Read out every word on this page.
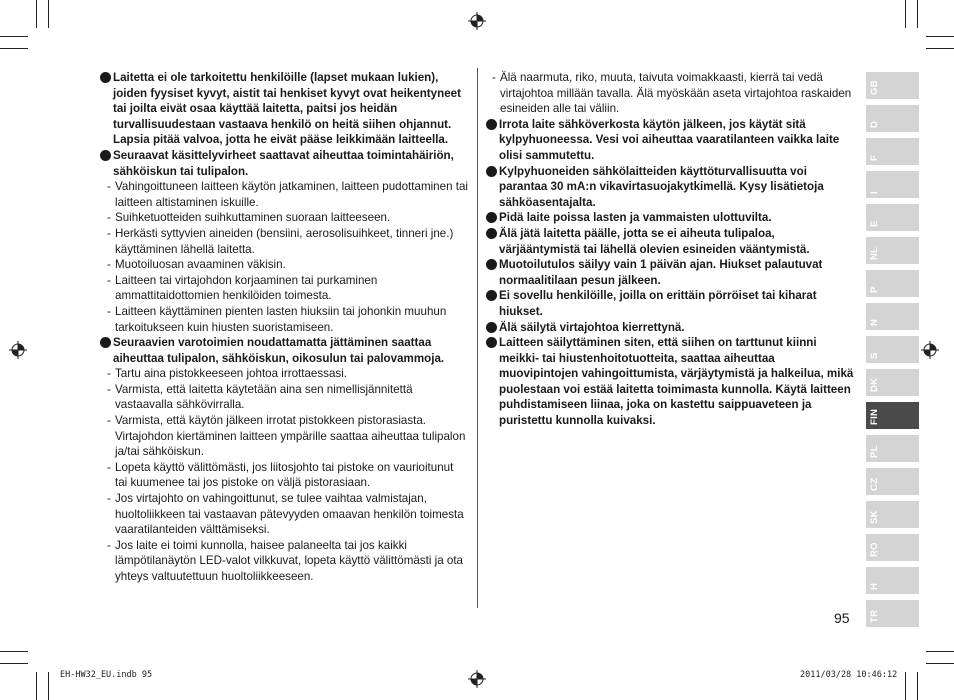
Laitetta ei ole tarkoitettu henkilöille (lapset mukaan lukien), joiden fyysiset kyvyt, aistit tai henkiset kyvyt ovat heikentyneet tai joilta eivät osaa käyttää laitetta, paitsi jos heidän turvallisuudestaan vastaava henkilö on heitä siihen ohjannut. Lapsia pitää valvoa, jotta he eivät pääse leikkimään laitteella.
Seuraavat käsittelyvirheet saattavat aiheuttaa toimintahäiriön, sähköiskun tai tulipalon.
- Vahingoittuneen laitteen käytön jatkaminen, laitteen pudottaminen tai laitteen altistaminen iskuille.
- Suihketuotteiden suihkuttaminen suoraan laitteeseen.
- Herkästi syttyvien aineiden (bensiini, aerosolisuihkeet, tinneri jne.) käyttäminen lähellä laitetta.
- Muotoiluosan avaaminen väkisin.
- Laitteen tai virtajohdon korjaaminen tai purkaminen ammattitaidottomien henkilöiden toimesta.
- Laitteen käyttäminen pienten lasten hiuksiin tai johonkin muuhun tarkoitukseen kuin hiusten suoristamiseen.
Seuraavien varotoimien noudattamatta jättäminen saattaa aiheuttaa tulipalon, sähköiskun, oikosulun tai palovammoja.
- Tartu aina pistokkeeseen johtoa irrottaessasi.
- Varmista, että laitetta käytetään aina sen nimellisjännitettä vastaavalla sähkövirralla.
- Varmista, että käytön jälkeen irrotat pistokkeen pistorasiasta. Virtajohdon kiertäminen laitteen ympärille saattaa aiheuttaa tulipalon ja/tai sähköiskun.
- Lopeta käyttö välittömästi, jos liitosjohto tai pistoke on vaurioitunut tai kuumenee tai jos pistoke on väljä pistorasiaan.
- Jos virtajohto on vahingoittunut, se tulee vaihtaa valmistajan, huoltoliikkeen tai vastaavan pätevyyden omaavan henkilön toimesta vaaratilanteiden välttämiseksi.
- Jos laite ei toimi kunnolla, haisee palaneelta tai jos kaikki lämpötilanäytön LED-valot vilkkuvat, lopeta käyttö välittömästi ja ota yhteys valtuutettuun huoltoliikkeeseen.
- Älä naarmuta, riko, muuta, taivuta voimakkaasti, kierrä tai vedä virtajohtoa millään tavalla. Älä myöskään aseta virtajohtoa raskaiden esineiden alle tai väliin.
Irrota laite sähköverkosta käytön jälkeen, jos käytät sitä kylpyhuoneessa. Vesi voi aiheuttaa vaaratilanteen vaikka laite olisi sammutettu.
Kylpyhuoneiden sähkölaitteiden käyttöturvallisuutta voi parantaa 30 mA:n vikavirtasuojakytkimellä. Kysy lisätietoja sähköasentajalta.
Pidä laite poissa lasten ja vammaisten ulottuvilta.
Älä jätä laitetta päälle, jotta se ei aiheuta tulipaloa, värjääntymistä tai lähellä olevien esineiden vääntymistä.
Muotoilutulos säilyy vain 1 päivän ajan. Hiukset palautuvat normaalitilaan pesun jälkeen.
Ei sovellu henkilöille, joilla on erittäin pörröiset tai kiharat hiukset.
Älä säilytä virtajohtoa kierrettynä.
Laitteen säilyttäminen siten, että siihen on tarttunut kiinni meikki- tai hiustenhoitotuotteita, saattaa aiheuttaa muovipintojen vahingoittumista, värjäytymistä ja halkeilua, mikä puolestaan voi estää laitetta toimimasta kunnolla. Käytä laitteen puhdistamiseen liinaa, joka on kastettu saippuaveteen ja puristettu kunnolla kuivaksi.
GB
D
F
I
E
NL
P
N
S
DK
FIN
PL
CZ
SK
RO
H
TR
95
EH-HW32_EU.indb 95	2011/03/28 10:46:12
